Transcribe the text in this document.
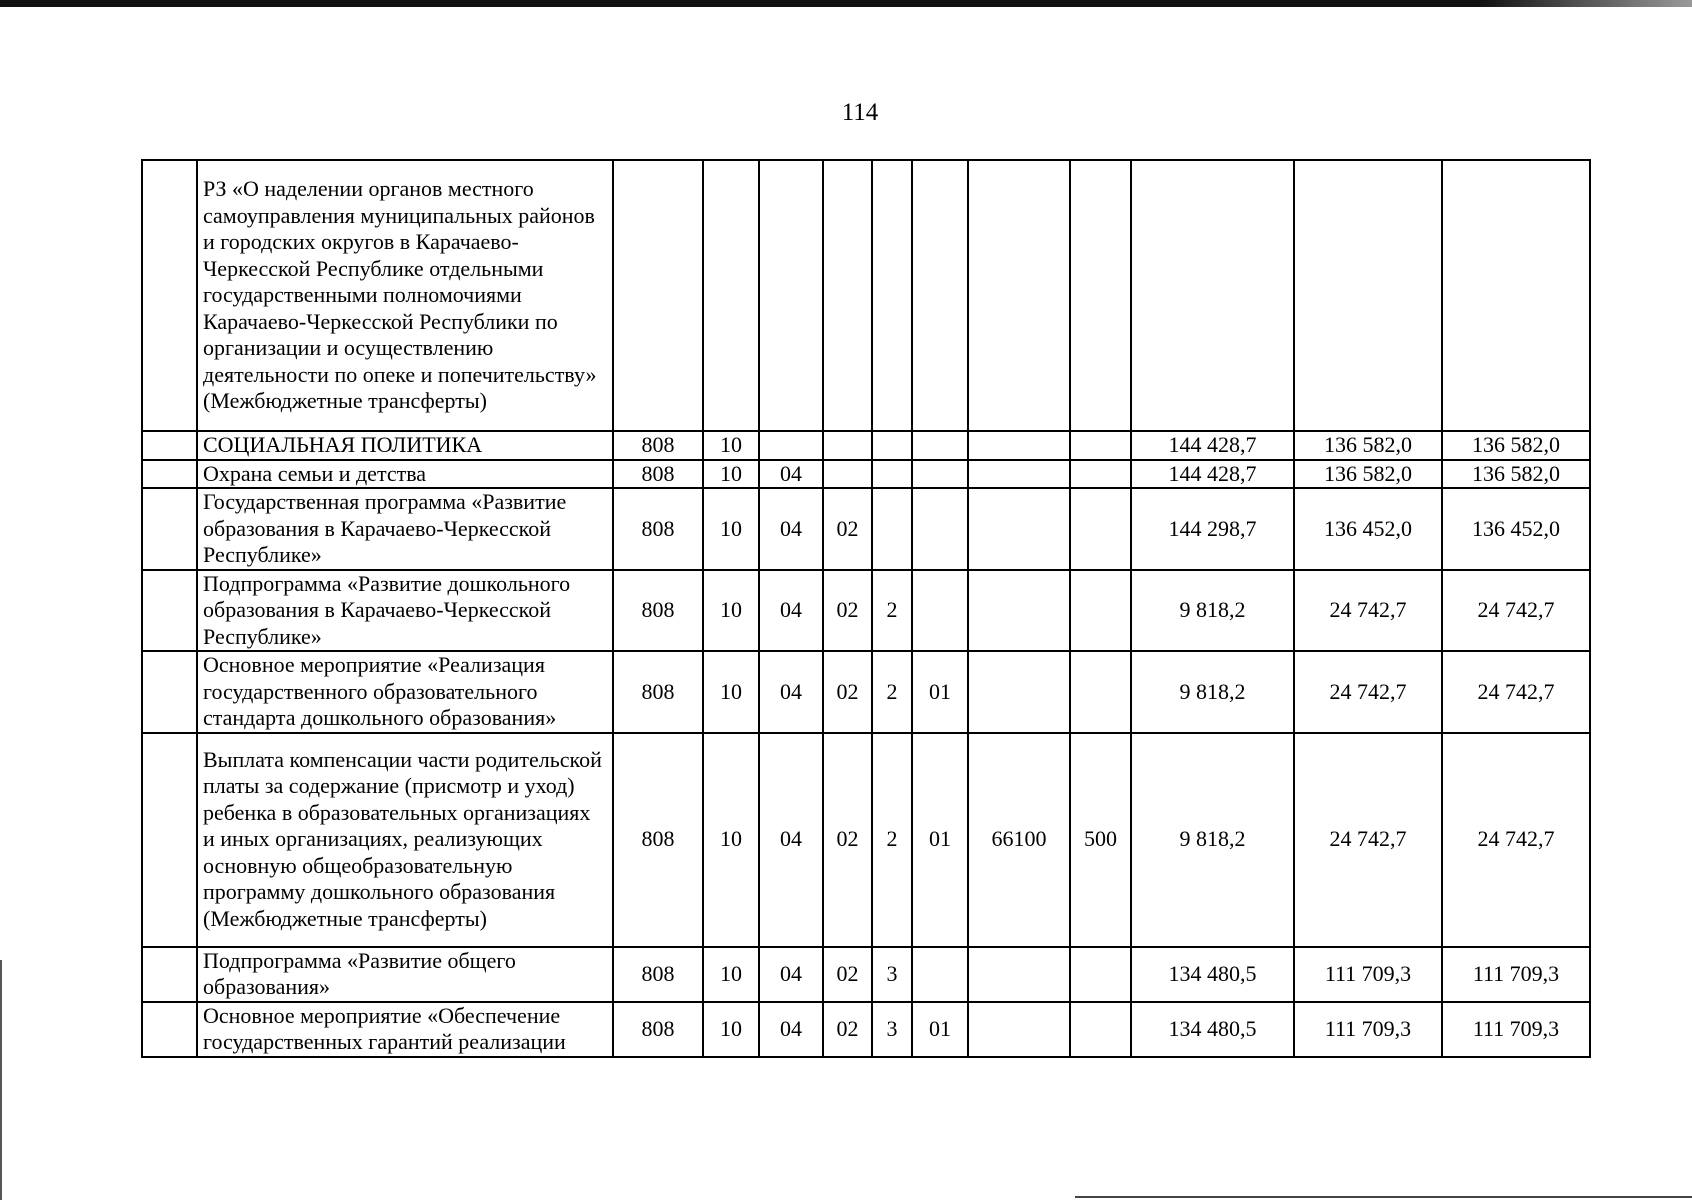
114
	РЗ «О наделении органов местного самоуправления муниципальных районов и городских округов в Карачаево-Черкесской Республике отдельными государственными полномочиями Карачаево-Черкесской Республики по организации и осуществлению деятельности по опеке и попечительству» (Межбюджетные трансферты)											
	СОЦИАЛЬНАЯ ПОЛИТИКА	808	10							144 428,7	136 582,0	136 582,0
	Охрана семьи и детства	808	10	04						144 428,7	136 582,0	136 582,0
	Государственная программа «Развитие образования в Карачаево-Черкесской Республике»	808	10	04	02					144 298,7	136 452,0	136 452,0
	Подпрограмма «Развитие дошкольного образования в Карачаево-Черкесской Республике»	808	10	04	02	2				9 818,2	24 742,7	24 742,7
	Основное мероприятие «Реализация государственного образовательного стандарта дошкольного образования»	808	10	04	02	2	01			9 818,2	24 742,7	24 742,7
	Выплата компенсации части родительской платы за содержание (присмотр и уход) ребенка в образовательных организациях и иных организациях, реализующих основную общеобразовательную программу дошкольного образования (Межбюджетные трансферты)	808	10	04	02	2	01	66100	500	9 818,2	24 742,7	24 742,7
	Подпрограмма «Развитие общего образования»	808	10	04	02	3				134 480,5	111 709,3	111 709,3
	Основное мероприятие «Обеспечение государственных гарантий реализации	808	10	04	02	3	01			134 480,5	111 709,3	111 709,3
